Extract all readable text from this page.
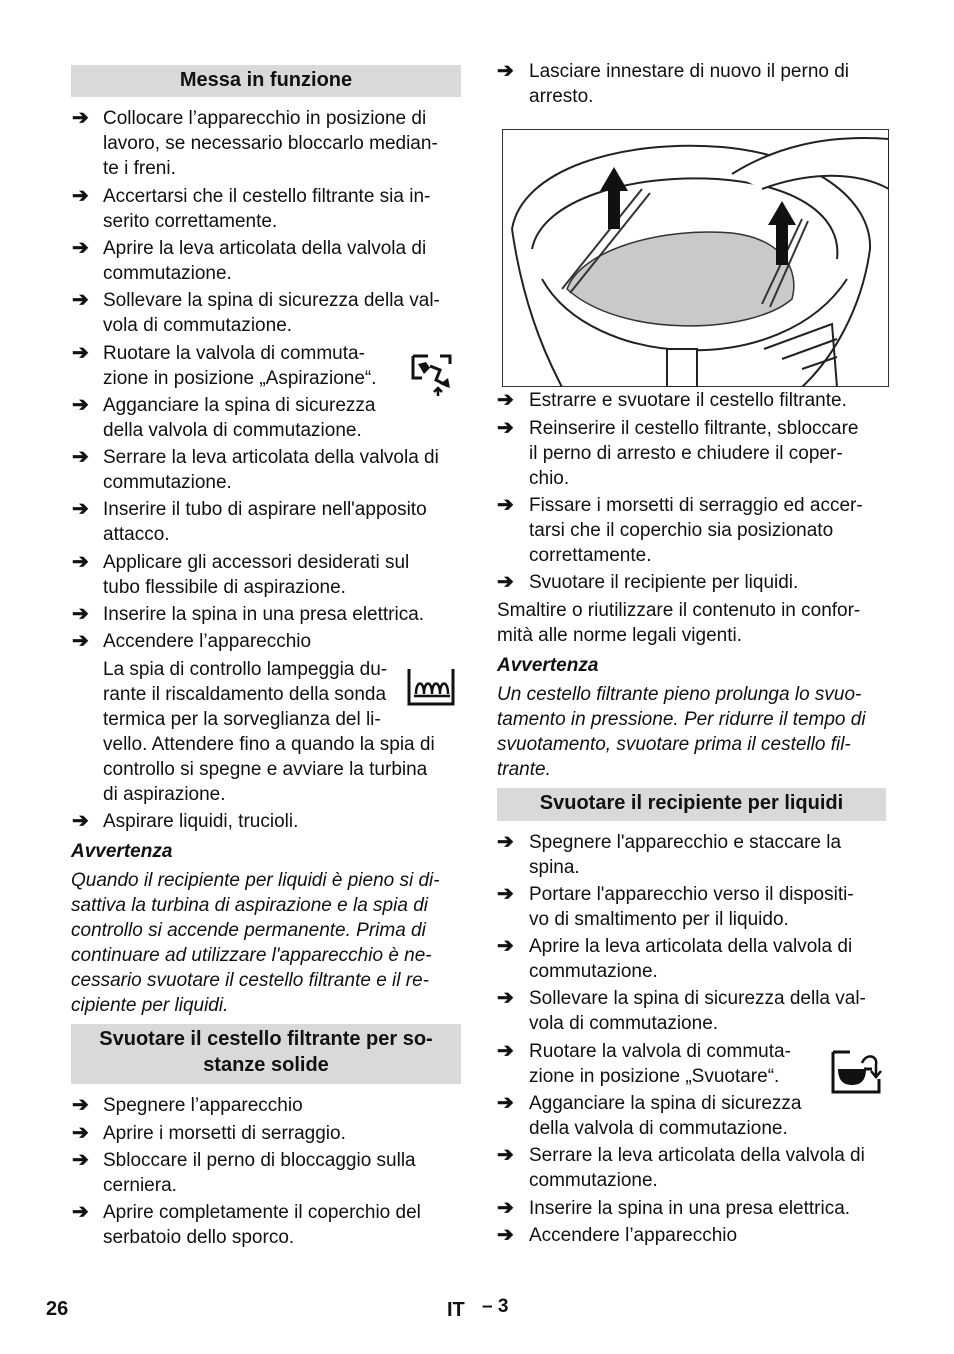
Messa in funzione
➔ Collocare l’apparecchio in posizione di
lavoro, se necessario bloccarlo median-
te i freni.
➔ Accertarsi che il cestello filtrante sia in-
serito correttamente.
➔ Aprire la leva articolata della valvola di
commutazione.
➔ Sollevare la spina di sicurezza della val-
vola di commutazione.
➔ Ruotare la valvola di commuta-
zione in posizione „Aspirazione“.
➔ Agganciare la spina di sicurezza
della valvola di commutazione.
➔ Serrare la leva articolata della valvola di
commutazione.
➔ Inserire il tubo di aspirare nell'apposito
attacco.
➔ Applicare gli accessori desiderati sul
tubo flessibile di aspirazione.
➔ Inserire la spina in una presa elettrica.
➔ Accendere l’apparecchio
La spia di controllo lampeggia du-
rante il riscaldamento della sonda
termica per la sorveglianza del li-
vello. Attendere fino a quando la spia di
controllo si spegne e avviare la turbina
di aspirazione.
➔ Aspirare liquidi, trucioli.
Avvertenza
Quando il recipiente per liquidi è pieno si di-
sattiva la turbina di aspirazione e la spia di
controllo si accende permanente. Prima di
continuare ad utilizzare l'apparecchio è ne-
cessario svuotare il cestello filtrante e il re-
cipiente per liquidi.
Svuotare il cestello filtrante per so-
stanze solide
➔ Spegnere l’apparecchio
➔ Aprire i morsetti di serraggio.
➔ Sbloccare il perno di bloccaggio sulla
cerniera.
➔ Aprire completamente il coperchio del
serbatoio dello sporco.
➔ Lasciare innestare di nuovo il perno di
arresto.
➔ Estrarre e svuotare il cestello filtrante.
➔ Reinserire il cestello filtrante, sbloccare
il perno di arresto e chiudere il coper-
chio.
➔ Fissare i morsetti di serraggio ed accer-
tarsi che il coperchio sia posizionato
correttamente.
➔ Svuotare il recipiente per liquidi.
Smaltire o riutilizzare il contenuto in confor-
mità alle norme legali vigenti.
Avvertenza
Un cestello filtrante pieno prolunga lo svuo-
tamento in pressione. Per ridurre il tempo di
svuotamento, svuotare prima il cestello fil-
trante.
Svuotare il recipiente per liquidi
➔ Spegnere l'apparecchio e staccare la
spina.
➔ Portare l'apparecchio verso il dispositi-
vo di smaltimento per il liquido.
➔ Aprire la leva articolata della valvola di
commutazione.
➔ Sollevare la spina di sicurezza della val-
vola di commutazione.
➔ Ruotare la valvola di commuta-
zione in posizione „Svuotare“.
➔ Agganciare la spina di sicurezza
della valvola di commutazione.
➔ Serrare la leva articolata della valvola di
commutazione.
➔ Inserire la spina in una presa elettrica.
➔ Accendere l’apparecchio
26	IT – 3
